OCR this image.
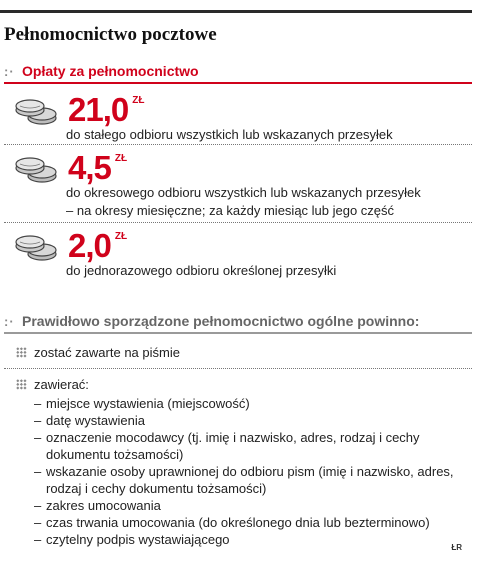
Pełnomocnictwo pocztowe
:· Opłaty za pełnomocnictwo
21,0 ZŁ
do stałego odbioru wszystkich lub wskazanych przesyłek
4,5 ZŁ
do okresowego odbioru wszystkich lub wskazanych przesyłek
– na okresy miesięczne; za każdy miesiąc lub jego część
2,0 ZŁ
do jednorazowego odbioru określonej przesyłki
:· Prawidłowo sporządzone pełnomocnictwo ogólne powinno:
zostać zawarte na piśmie
zawierać:
– miejsce wystawienia (miejscowość)
– datę wystawienia
– oznaczenie mocodawcy (tj. imię i nazwisko, adres, rodzaj i cechy dokumentu tożsamości)
– wskazanie osoby uprawnionej do odbioru pism (imię i nazwisko, adres, rodzaj i cechy dokumentu tożsamości)
– zakres umocowania
– czas trwania umocowania (do określonego dnia lub bezterminowo)
– czytelny podpis wystawiającego
ŁR
